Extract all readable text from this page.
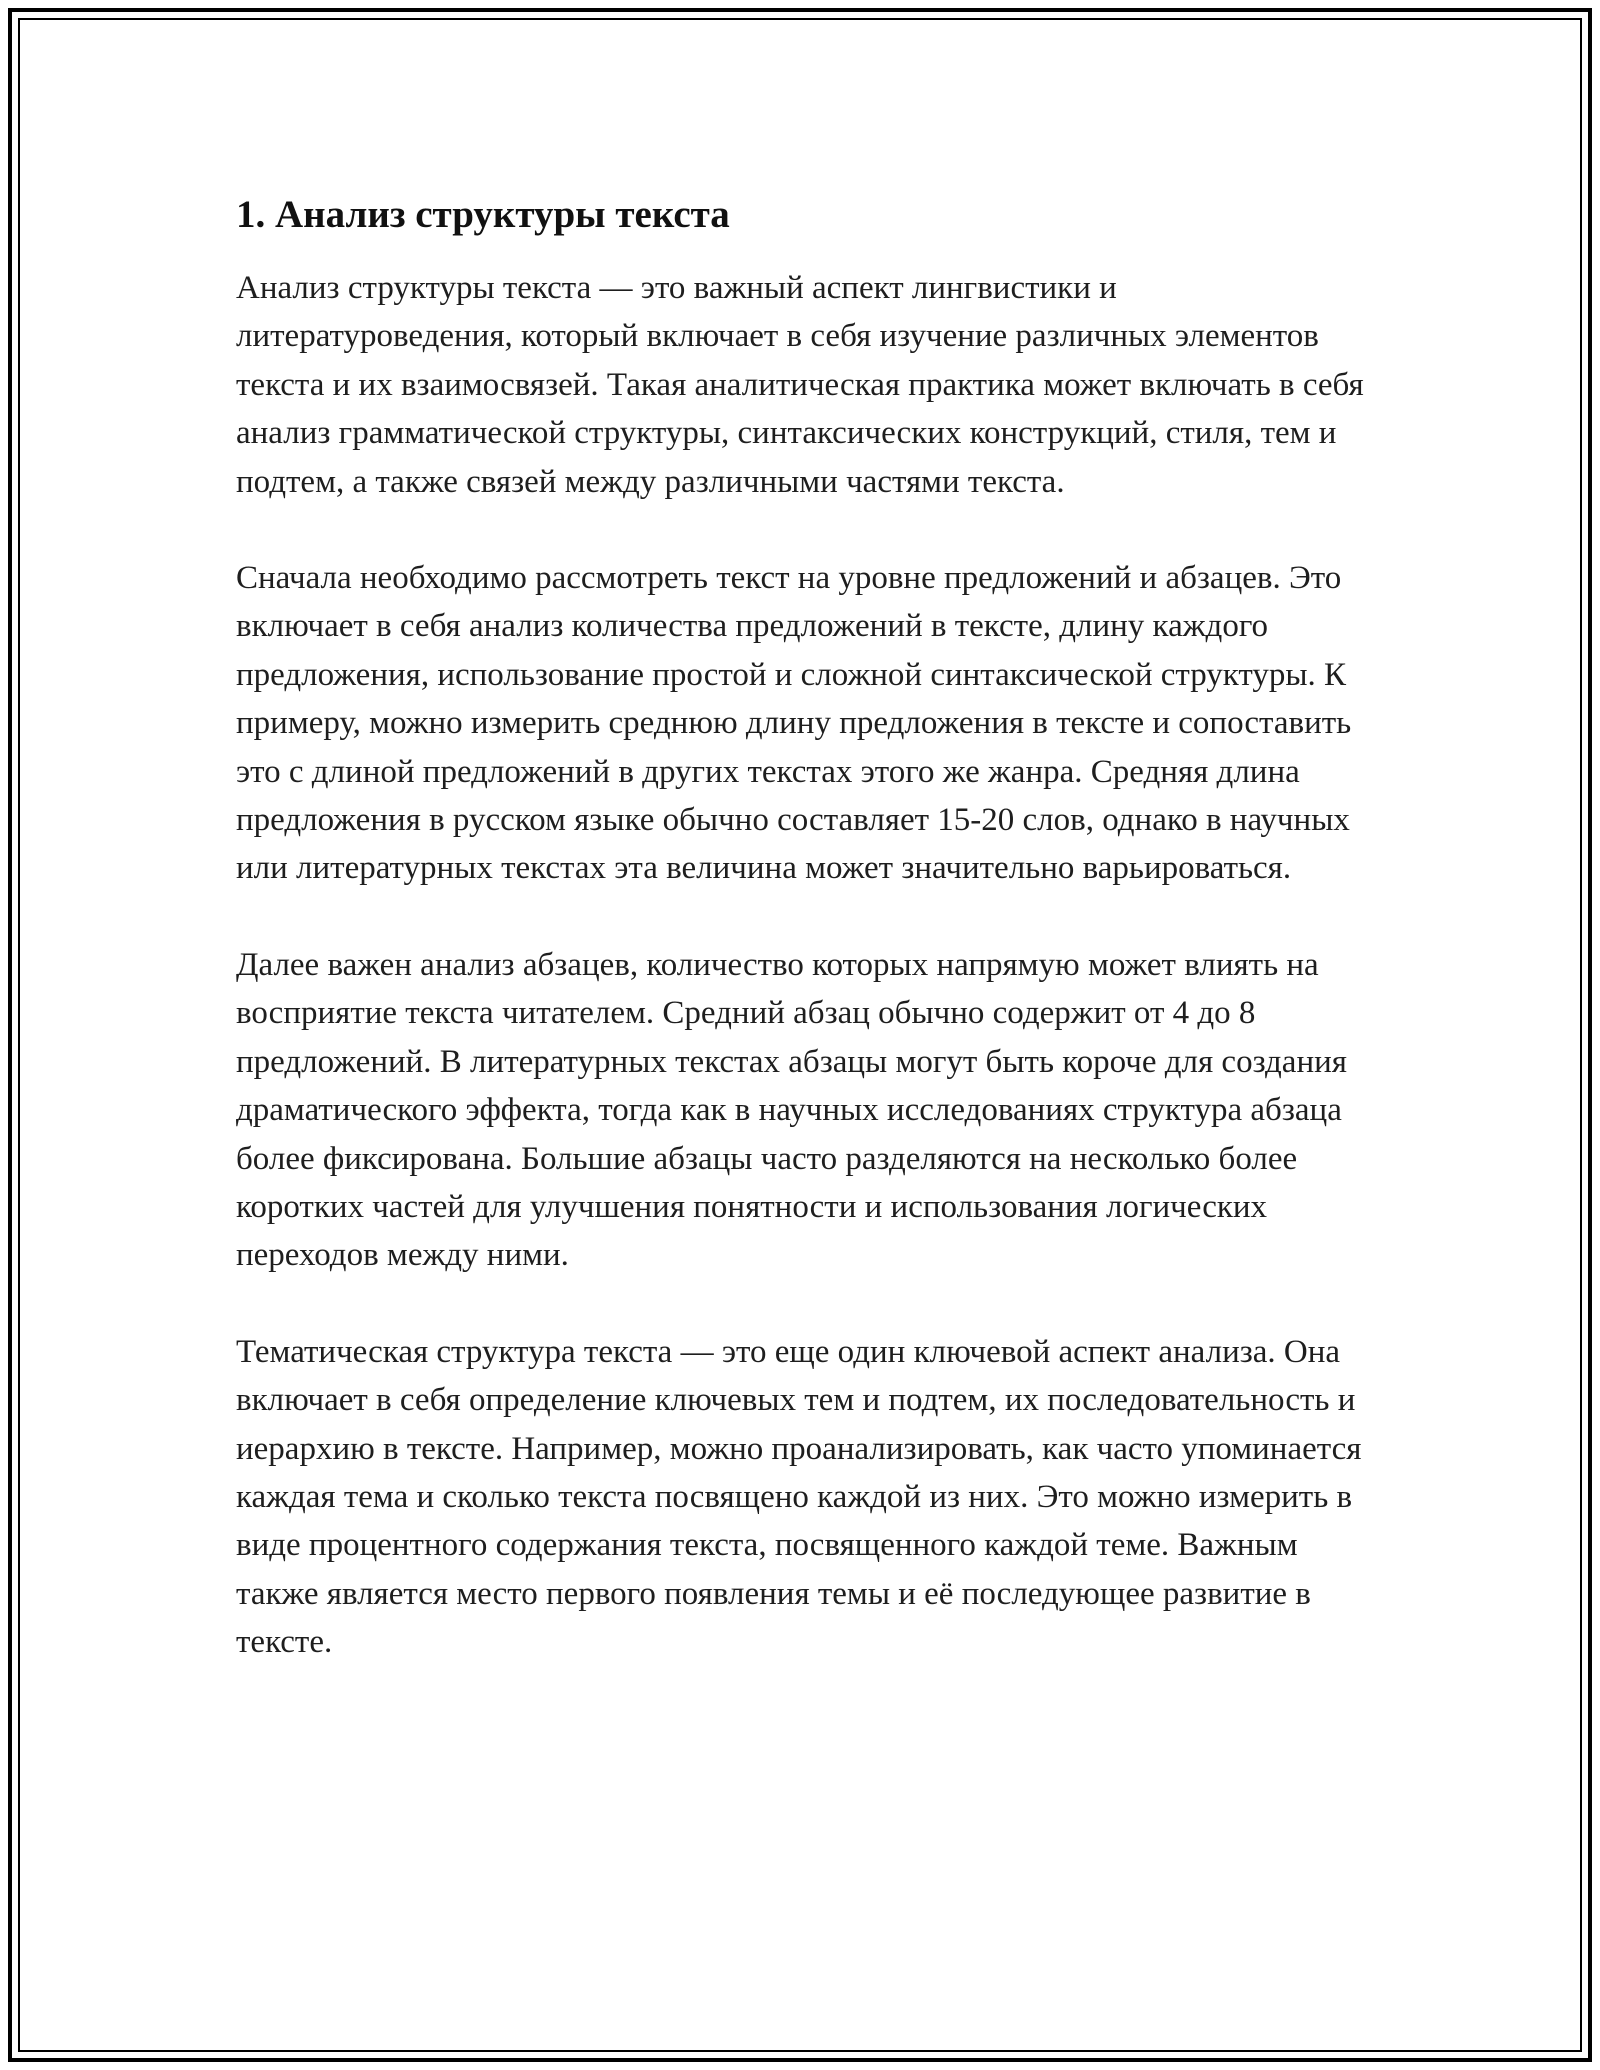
1. Анализ структуры текста

Анализ структуры текста — это важный аспект лингвистики и литературоведения, который включает в себя изучение различных элементов текста и их взаимосвязей. Такая аналитическая практика может включать в себя анализ грамматической структуры, синтаксических конструкций, стиля, тем и подтем, а также связей между различными частями текста.

Сначала необходимо рассмотреть текст на уровне предложений и абзацев. Это включает в себя анализ количества предложений в тексте, длину каждого предложения, использование простой и сложной синтаксической структуры. К примеру, можно измерить среднюю длину предложения в тексте и сопоставить это с длиной предложений в других текстах этого же жанра. Средняя длина предложения в русском языке обычно составляет 15-20 слов, однако в научных или литературных текстах эта величина может значительно варьироваться.

Далее важен анализ абзацев, количество которых напрямую может влиять на восприятие текста читателем. Средний абзац обычно содержит от 4 до 8 предложений. В литературных текстах абзацы могут быть короче для создания драматического эффекта, тогда как в научных исследованиях структура абзаца более фиксирована. Большие абзацы часто разделяются на несколько более коротких частей для улучшения понятности и использования логических переходов между ними.

Тематическая структура текста — это еще один ключевой аспект анализа. Она включает в себя определение ключевых тем и подтем, их последовательность и иерархию в тексте. Например, можно проанализировать, как часто упоминается каждая тема и сколько текста посвящено каждой из них. Это можно измерить в виде процентного содержания текста, посвященного каждой теме. Важным также является место первого появления темы и её последующее развитие в тексте.
